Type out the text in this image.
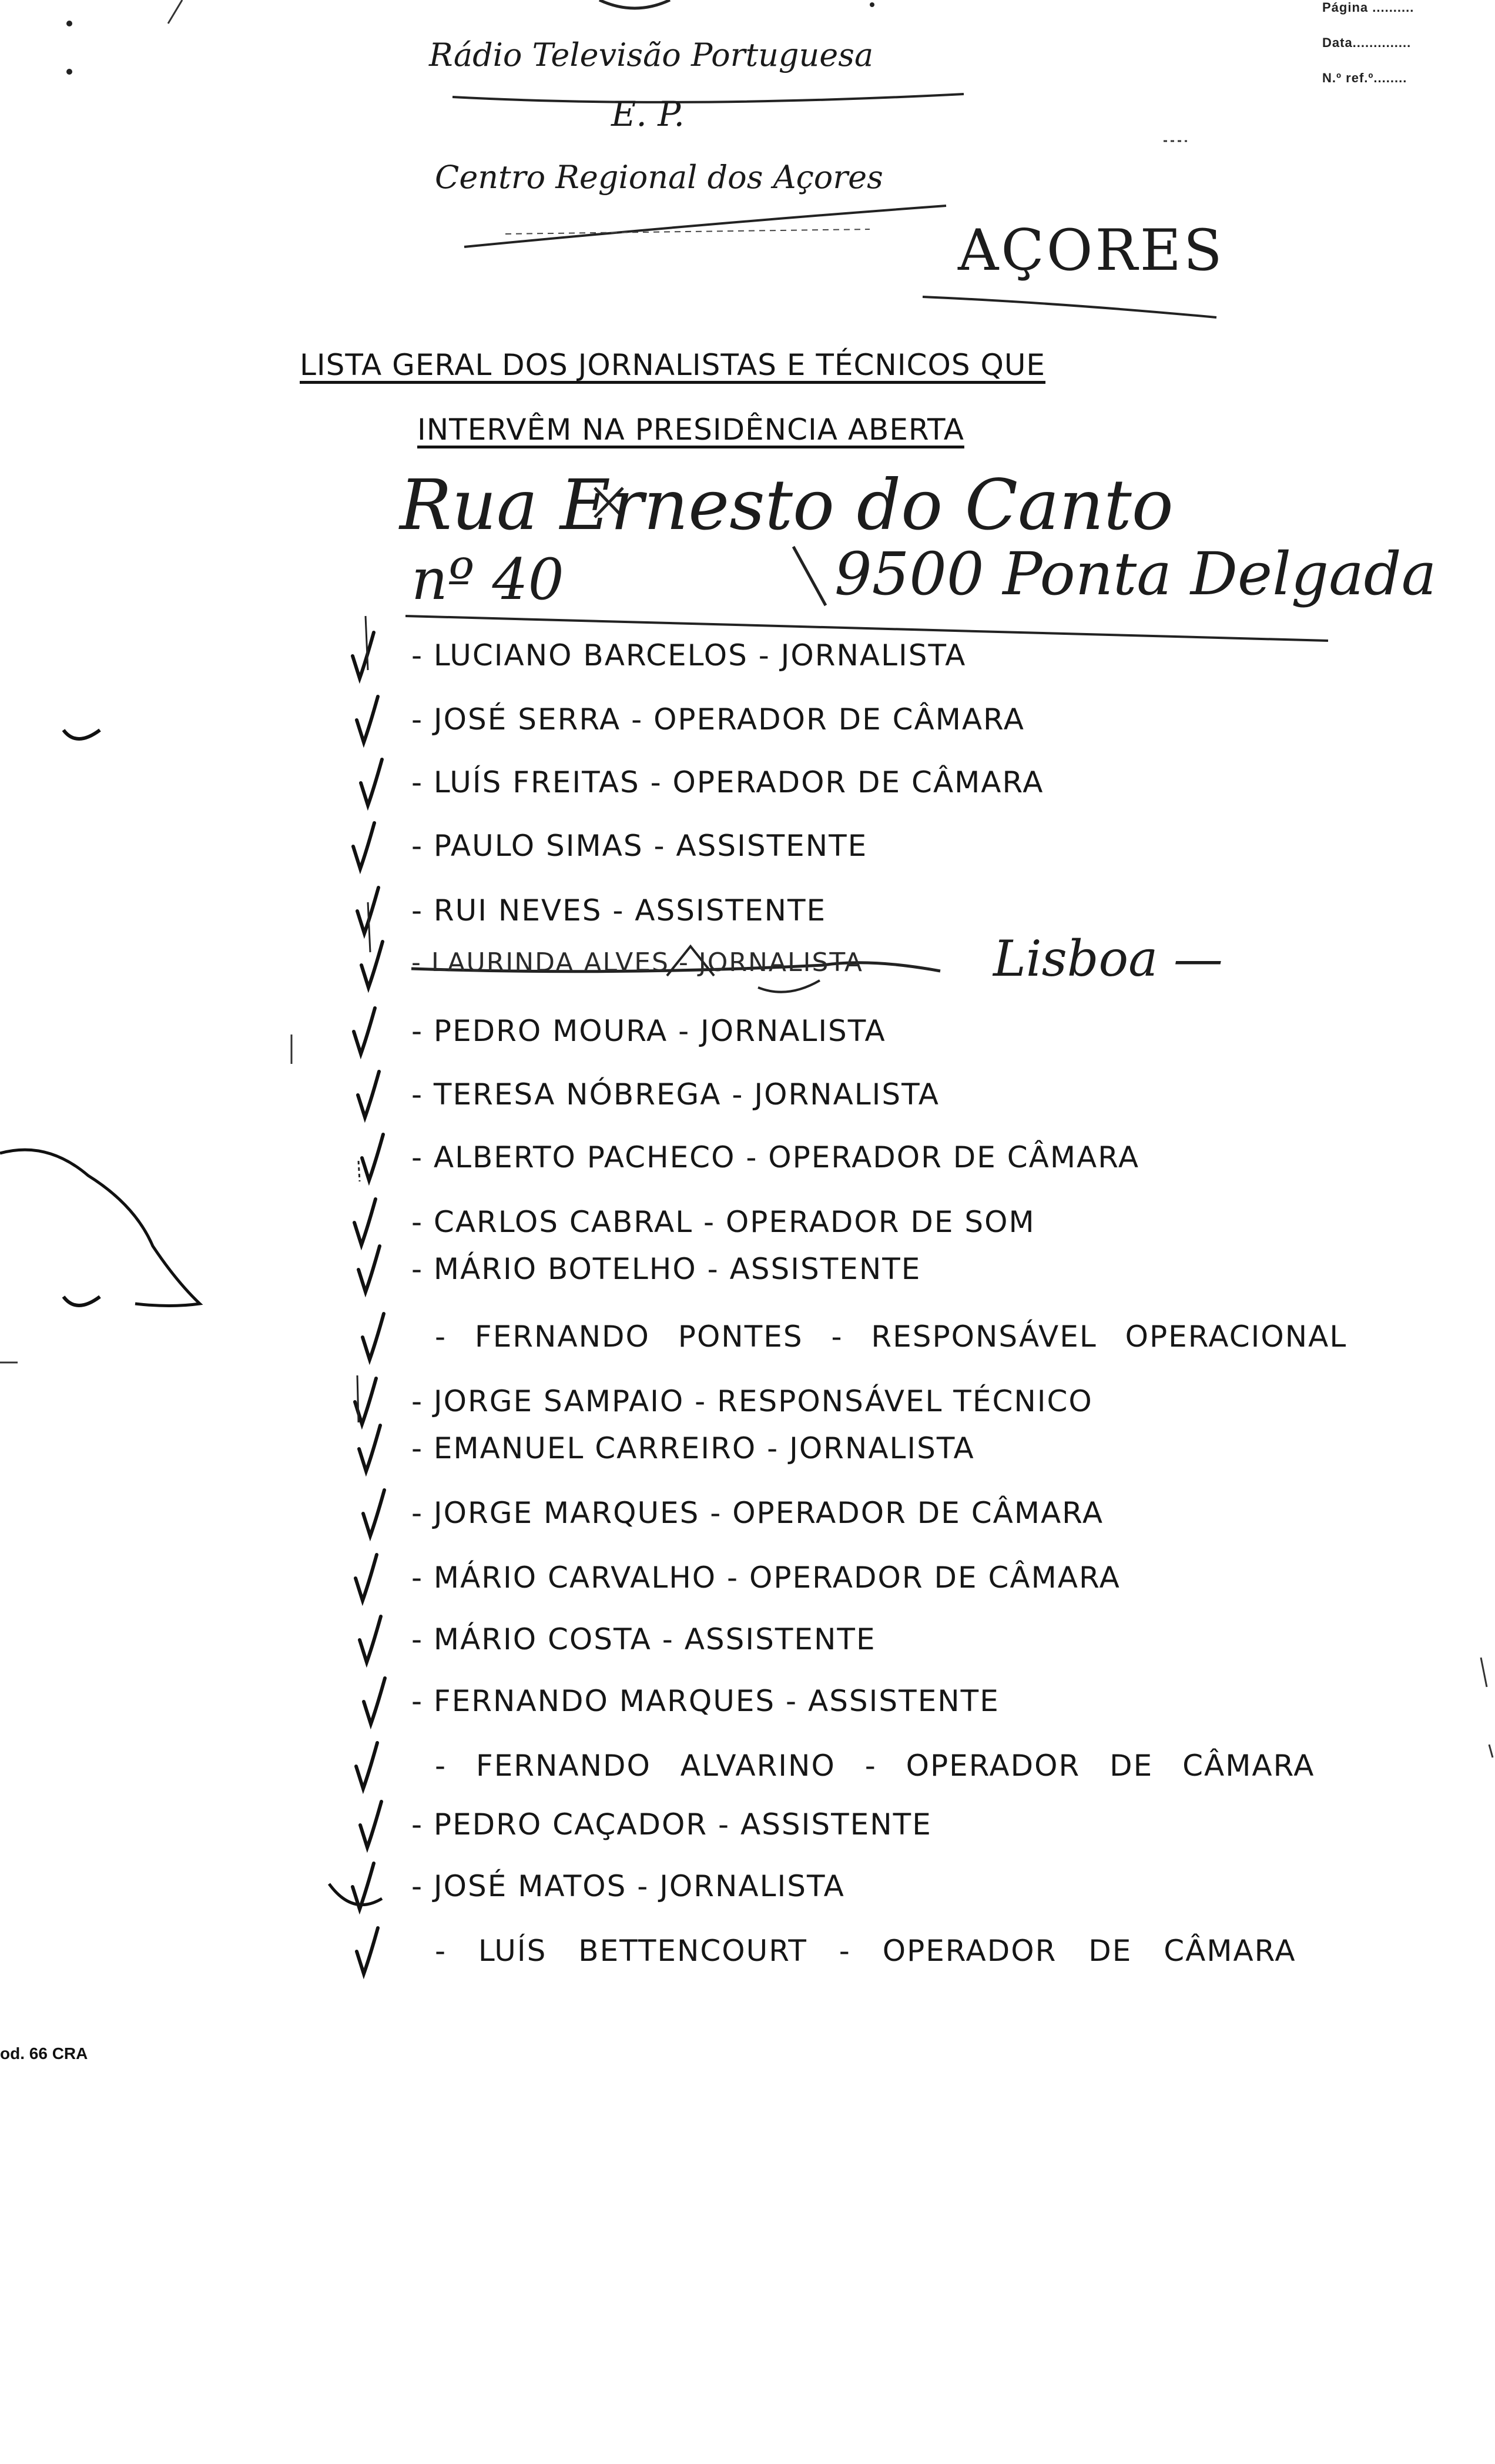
Página ..........
Data..............
N.º ref.º........
Rádio Televisão Portuguesa
E. P.
Centro Regional dos Açores
AÇORES
LISTA GERAL DOS JORNALISTAS E TÉCNICOS QUE
INTERVÊM NA PRESIDÊNCIA ABERTA
Rua Ernesto do Canto
nº 40	9500 Ponta Delgada
- LUCIANO BARCELOS - JORNALISTA
- JOSÉ SERRA - OPERADOR DE CÂMARA
- LUÍS FREITAS - OPERADOR DE CÂMARA
- PAULO SIMAS - ASSISTENTE
- RUI NEVES - ASSISTENTE
- LAURINDA ALVES - JORNALISTA	Lisboa —
- PEDRO MOURA - JORNALISTA
- TERESA NÓBREGA - JORNALISTA
- ALBERTO PACHECO - OPERADOR DE CÂMARA
- CARLOS CABRAL - OPERADOR DE SOM
- MÁRIO BOTELHO - ASSISTENTE
- FERNANDO PONTES - RESPONSÁVEL OPERACIONAL
- JORGE SAMPAIO - RESPONSÁVEL TÉCNICO
- EMANUEL CARREIRO - JORNALISTA
- JORGE MARQUES - OPERADOR DE CÂMARA
- MÁRIO CARVALHO - OPERADOR DE CÂMARA
- MÁRIO COSTA - ASSISTENTE
- FERNANDO MARQUES - ASSISTENTE
- FERNANDO ALVARINO - OPERADOR DE CÂMARA
- PEDRO CAÇADOR - ASSISTENTE
- JOSÉ MATOS - JORNALISTA
- LUÍS BETTENCOURT - OPERADOR DE CÂMARA
od. 66 CRA
